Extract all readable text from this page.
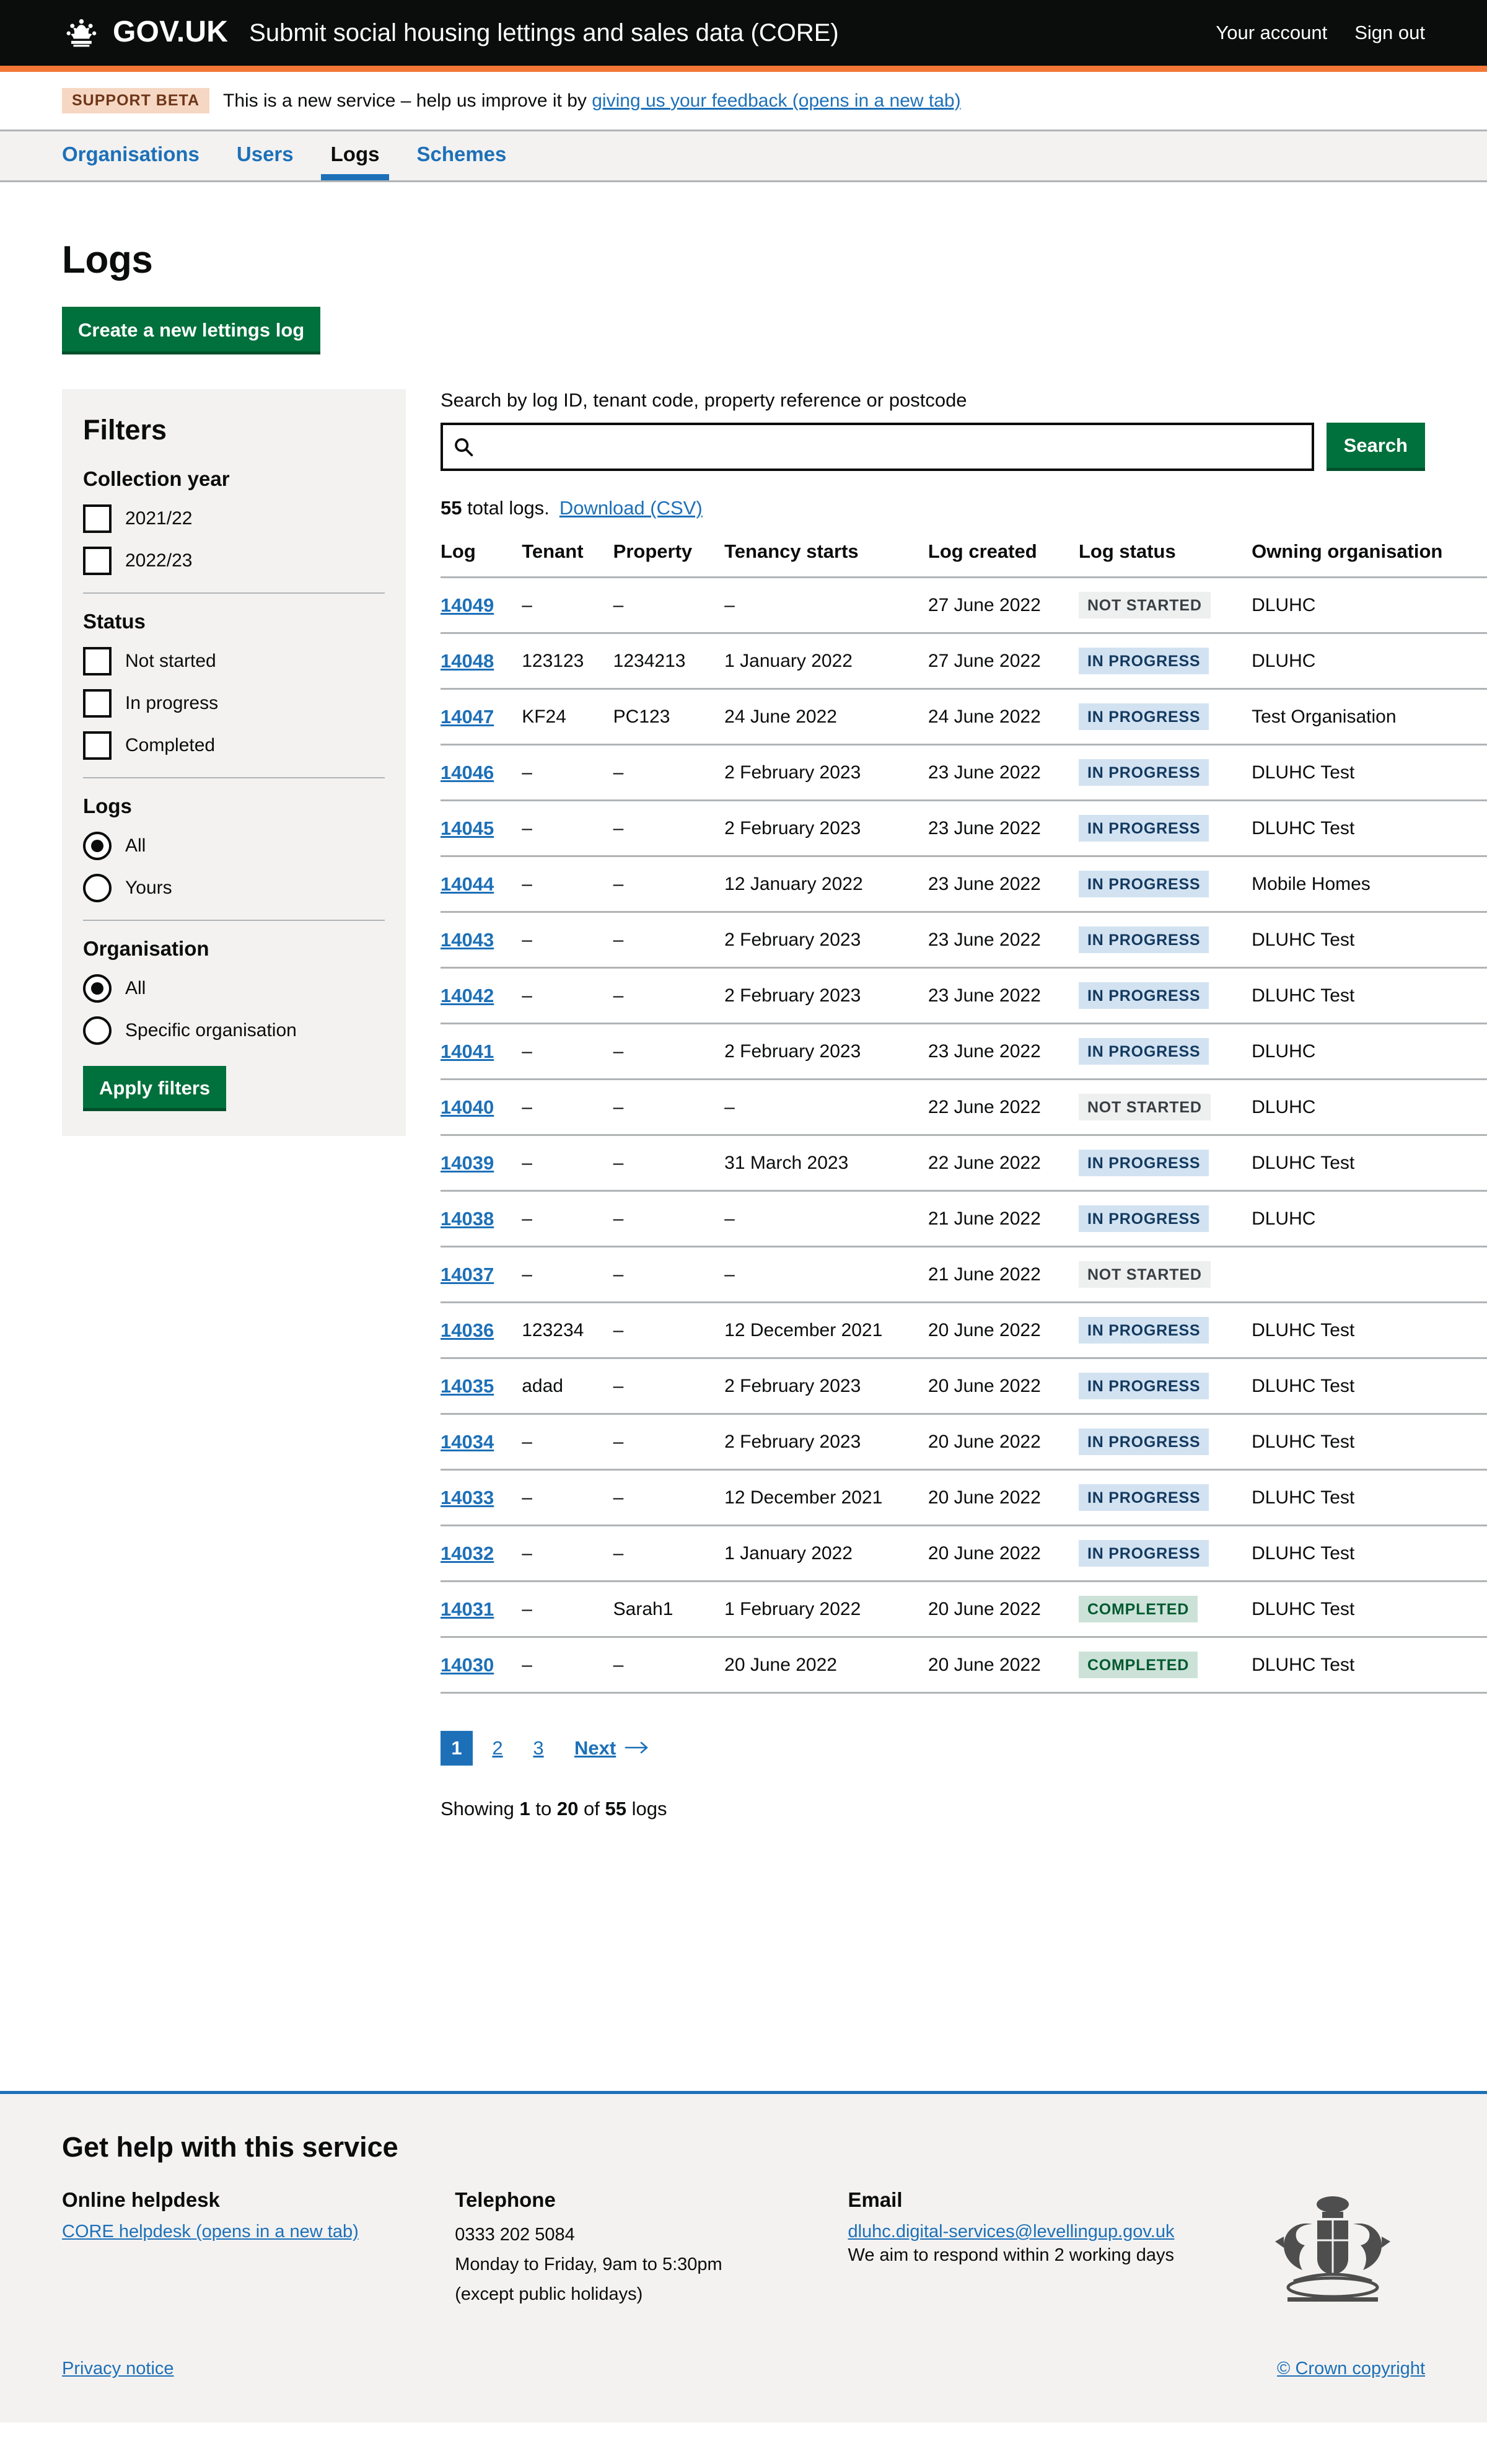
GOV.UK Submit social housing lettings and sales data (CORE)	Your account Sign out
SUPPORT BETA	This is a new service – help us improve it by giving us your feedback (opens in a new tab)
Organisations	Users	Logs	Schemes
Logs
Create a new lettings log
Filters
Collection year
2021/22
2022/23
Status
Not started
In progress
Completed
Logs
All
Yours
Organisation
All
Specific organisation
Apply filters
Search by log ID, tenant code, property reference or postcode
Search
55 total logs. Download (CSV)
Log	Tenant	Property	Tenancy starts	Log created	Log status	Owning organisation
14049	–	–	–	27 June 2022	NOT STARTED	DLUHC
14048	123123	1234213	1 January 2022	27 June 2022	IN PROGRESS	DLUHC
14047	KF24	PC123	24 June 2022	24 June 2022	IN PROGRESS	Test Organisation
14046	–	–	2 February 2023	23 June 2022	IN PROGRESS	DLUHC Test
14045	–	–	2 February 2023	23 June 2022	IN PROGRESS	DLUHC Test
14044	–	–	12 January 2022	23 June 2022	IN PROGRESS	Mobile Homes
14043	–	–	2 February 2023	23 June 2022	IN PROGRESS	DLUHC Test
14042	–	–	2 February 2023	23 June 2022	IN PROGRESS	DLUHC Test
14041	–	–	2 February 2023	23 June 2022	IN PROGRESS	DLUHC
14040	–	–	–	22 June 2022	NOT STARTED	DLUHC
14039	–	–	31 March 2023	22 June 2022	IN PROGRESS	DLUHC Test
14038	–	–	–	21 June 2022	IN PROGRESS	DLUHC
14037	–	–	–	21 June 2022	NOT STARTED	
14036	123234	–	12 December 2021	20 June 2022	IN PROGRESS	DLUHC Test
14035	adad	–	2 February 2023	20 June 2022	IN PROGRESS	DLUHC Test
14034	–	–	2 February 2023	20 June 2022	IN PROGRESS	DLUHC Test
14033	–	–	12 December 2021	20 June 2022	IN PROGRESS	DLUHC Test
14032	–	–	1 January 2022	20 June 2022	IN PROGRESS	DLUHC Test
14031	–	Sarah1	1 February 2022	20 June 2022	COMPLETED	DLUHC Test
14030	–	–	20 June 2022	20 June 2022	COMPLETED	DLUHC Test
1	2	3	Next
Showing 1 to 20 of 55 logs
Get help with this service
Online helpdesk
CORE helpdesk (opens in a new tab)
Telephone

0333 202 5084

Monday to Friday, 9am to 5:30pm

(except public holidays)

Email
dluhc.digital-services@levellingup.gov.uk

We aim to respond within 2 working days

Privacy notice	© Crown copyright
